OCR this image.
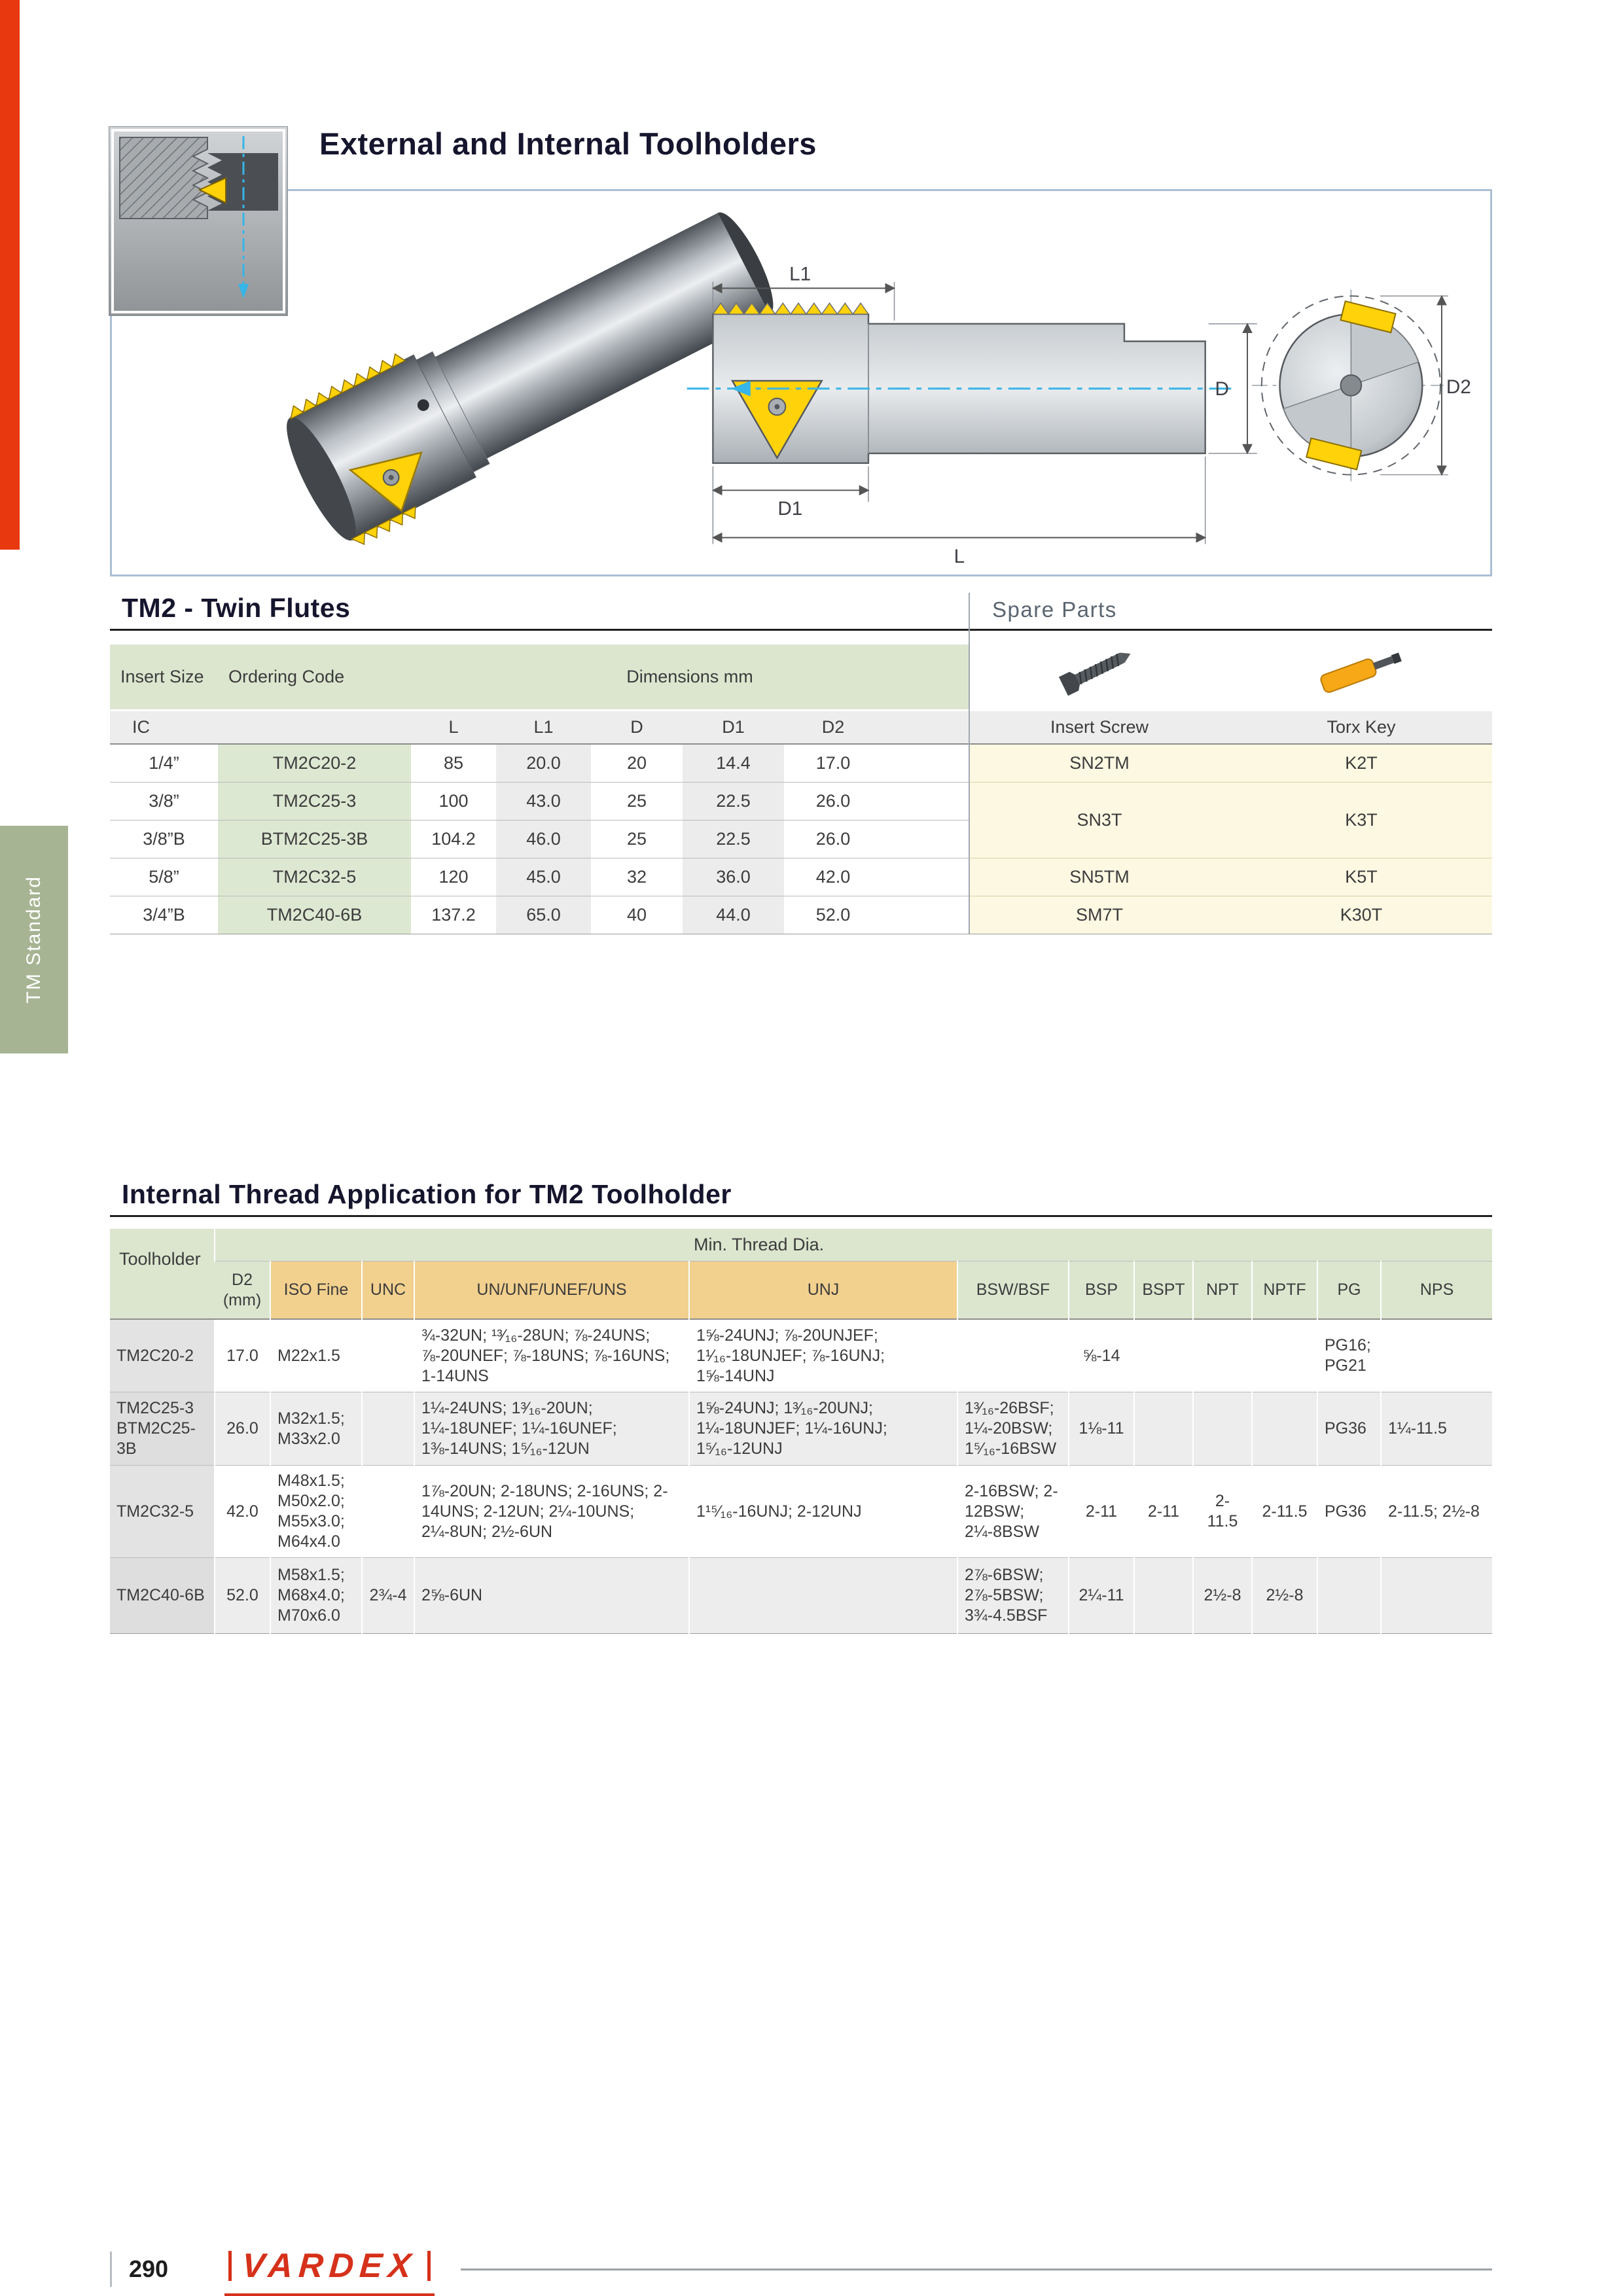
External and Internal Toolholders
L1
D
D1
L
D2
TM2 - Twin Flutes	Spare Parts
Insert Size	Ordering Code	Dimensions mm		
IC		L	L1	D	D1	D2		Insert Screw	Torx Key
1/4”	TM2C20-2	85	20.0	20	14.4	17.0		SN2TM	K2T
3/8”	TM2C25-3	100	43.0	25	22.5	26.0		SN3T	K3T
3/8”B	BTM2C25-3B	104.2	46.0	25	22.5	26.0			
5/8”	TM2C32-5	120	45.0	32	36.0	42.0		SN5TM	K5T
3/4”B	TM2C40-6B	137.2	65.0	40	44.0	52.0		SM7T	K30T
TM Standard
Internal Thread Application for TM2 Toolholder
Toolholder	Min. Thread Dia.											
	D2 (mm)	ISO Fine	UNC	UN/UNF/UNEF/UNS	UNJ	BSW/BSF	BSP	BSPT	NPT	NPTF	PG	NPS
TM2C20-2	17.0	M22x1.5		¾-32UN; ¹³⁄₁₆-28UN; ⅞-24UNS; ⅞-20UNEF; ⅞-18UNS; ⅞-16UNS; 1-14UNS	1⅝-24UNJ; ⅞-20UNJEF; 1¹⁄₁₆-18UNJEF; ⅞-16UNJ; 1⅝-14UNJ		⅝-14				PG16; PG21	
TM2C25-3 BTM2C25-3B	26.0	M32x1.5; M33x2.0		1¼-24UNS; 1³⁄₁₆-20UN; 1¼-18UNEF; 1¼-16UNEF; 1⅜-14UNS; 1⁵⁄₁₆-12UN	1⅝-24UNJ; 1³⁄₁₆-20UNJ; 1¼-18UNJEF; 1¼-16UNJ; 1⁵⁄₁₆-12UNJ	1³⁄₁₆-26BSF; 1¼-20BSW; 1⁵⁄₁₆-16BSW	1⅛-11				PG36	1¼-11.5
TM2C32-5	42.0	M48x1.5; M50x2.0; M55x3.0; M64x4.0		1⅞-20UN; 2-18UNS; 2-16UNS; 2-14UNS; 2-12UN; 2¼-10UNS; 2¼-8UN; 2½-6UN	1¹⁵⁄₁₆-16UNJ; 2-12UNJ	2-16BSW; 2-12BSW; 2¼-8BSW	2-11	2-11	2-11.5	2-11.5	PG36	2-11.5; 2½-8
TM2C40-6B	52.0	M58x1.5; M68x4.0; M70x6.0	2¾-4	2⅝-6UN		2⅞-6BSW; 2⅞-5BSW; 3¾-4.5BSF	2¼-11		2½-8	2½-8		
290 VARDEX
